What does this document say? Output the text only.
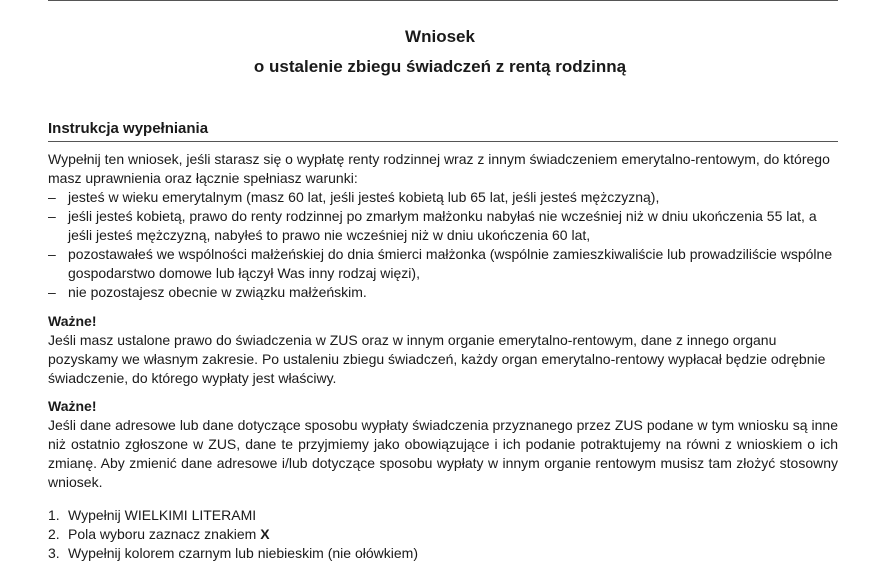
Wniosek
o ustalenie zbiegu świadczeń z rentą rodzinną
Instrukcja wypełniania

Wypełnij ten wniosek, jeśli starasz się o wypłatę renty rodzinnej wraz z innym świadczeniem emerytalno-rentowym, do którego masz uprawnienia oraz łącznie spełniasz warunki:

– jesteś w wieku emerytalnym (masz 60 lat, jeśli jesteś kobietą lub 65 lat, jeśli jesteś mężczyzną),
– jeśli jesteś kobietą, prawo do renty rodzinnej po zmarłym małżonku nabyłaś nie wcześniej niż w dniu ukończenia 55 lat, a jeśli jesteś mężczyzną, nabyłeś to prawo nie wcześniej niż w dniu ukończenia 60 lat,
– pozostawałeś we wspólności małżeńskiej do dnia śmierci małżonka (wspólnie zamieszkiwaliście lub prowadziliście wspólne gospodarstwo domowe lub łączył Was inny rodzaj więzi),
– nie pozostajesz obecnie w związku małżeńskim.

Ważne!

Jeśli masz ustalone prawo do świadczenia w ZUS oraz w innym organie emerytalno-rentowym, dane z innego organu pozyskamy we własnym zakresie. Po ustaleniu zbiegu świadczeń, każdy organ emerytalno-rentowy wypłacał będzie odrębnie świadczenie, do którego wypłaty jest właściwy.

Ważne!

Jeśli dane adresowe lub dane dotyczące sposobu wypłaty świadczenia przyznanego przez ZUS podane w tym wniosku są inne niż ostatnio zgłoszone w ZUS, dane te przyjmiemy jako obowiązujące i ich podanie potraktujemy na równi z wnioskiem o ich zmianę. Aby zmienić dane adresowe i/lub dotyczące sposobu wypłaty w innym organie rentowym musisz tam złożyć stosowny wniosek.

1. Wypełnij WIELKIMI LITERAMI
2. Pola wyboru zaznacz znakiem X
3. Wypełnij kolorem czarnym lub niebieskim (nie ołówkiem)
